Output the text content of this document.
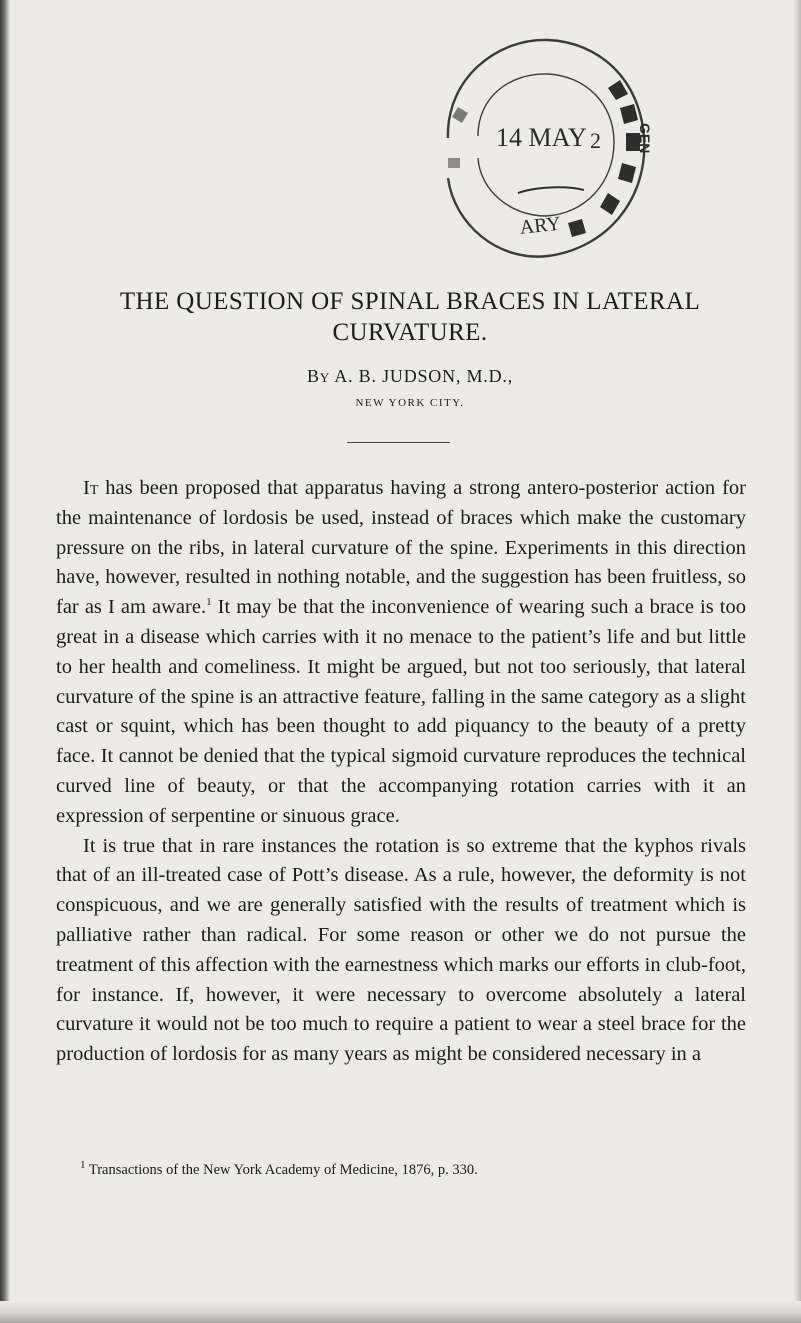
14 MAY 2
ARY
GEN
THE QUESTION OF SPINAL BRACES IN LATERAL
CURVATURE.
By A. B. JUDSON, M.D.,
NEW YORK CITY.

It has been proposed that apparatus having a strong antero-posterior action for the maintenance of lordosis be used, instead of braces which make the customary pressure on the ribs, in lateral curvature of the spine. Experiments in this direction have, however, resulted in nothing notable, and the suggestion has been fruitless, so far as I am aware.$^1$ It may be that the inconvenience of wearing such a brace is too great in a disease which carries with it no menace to the patient’s life and but little to her health and comeliness. It might be argued, but not too seriously, that lateral curvature of the spine is an attractive feature, falling in the same category as a slight cast or squint, which has been thought to add piquancy to the beauty of a pretty face. It cannot be denied that the typical sigmoid curvature reproduces the technical curved line of beauty, or that the accompanying rotation carries with it an expression of serpentine or sinuous grace.

It is true that in rare instances the rotation is so extreme that the kyphos rivals that of an ill-treated case of Pott’s disease. As a rule, however, the deformity is not conspicuous, and we are generally satisfied with the results of treatment which is palliative rather than radical. For some reason or other we do not pursue the treatment of this affection with the earnestness which marks our efforts in club-foot, for instance. If, however, it were necessary to overcome absolutely a lateral curvature it would not be too much to require a patient to wear a steel brace for the production of lordosis for as many years as might be considered necessary in a

$^1$ Transactions of the New York Academy of Medicine, 1876, p. 330.
